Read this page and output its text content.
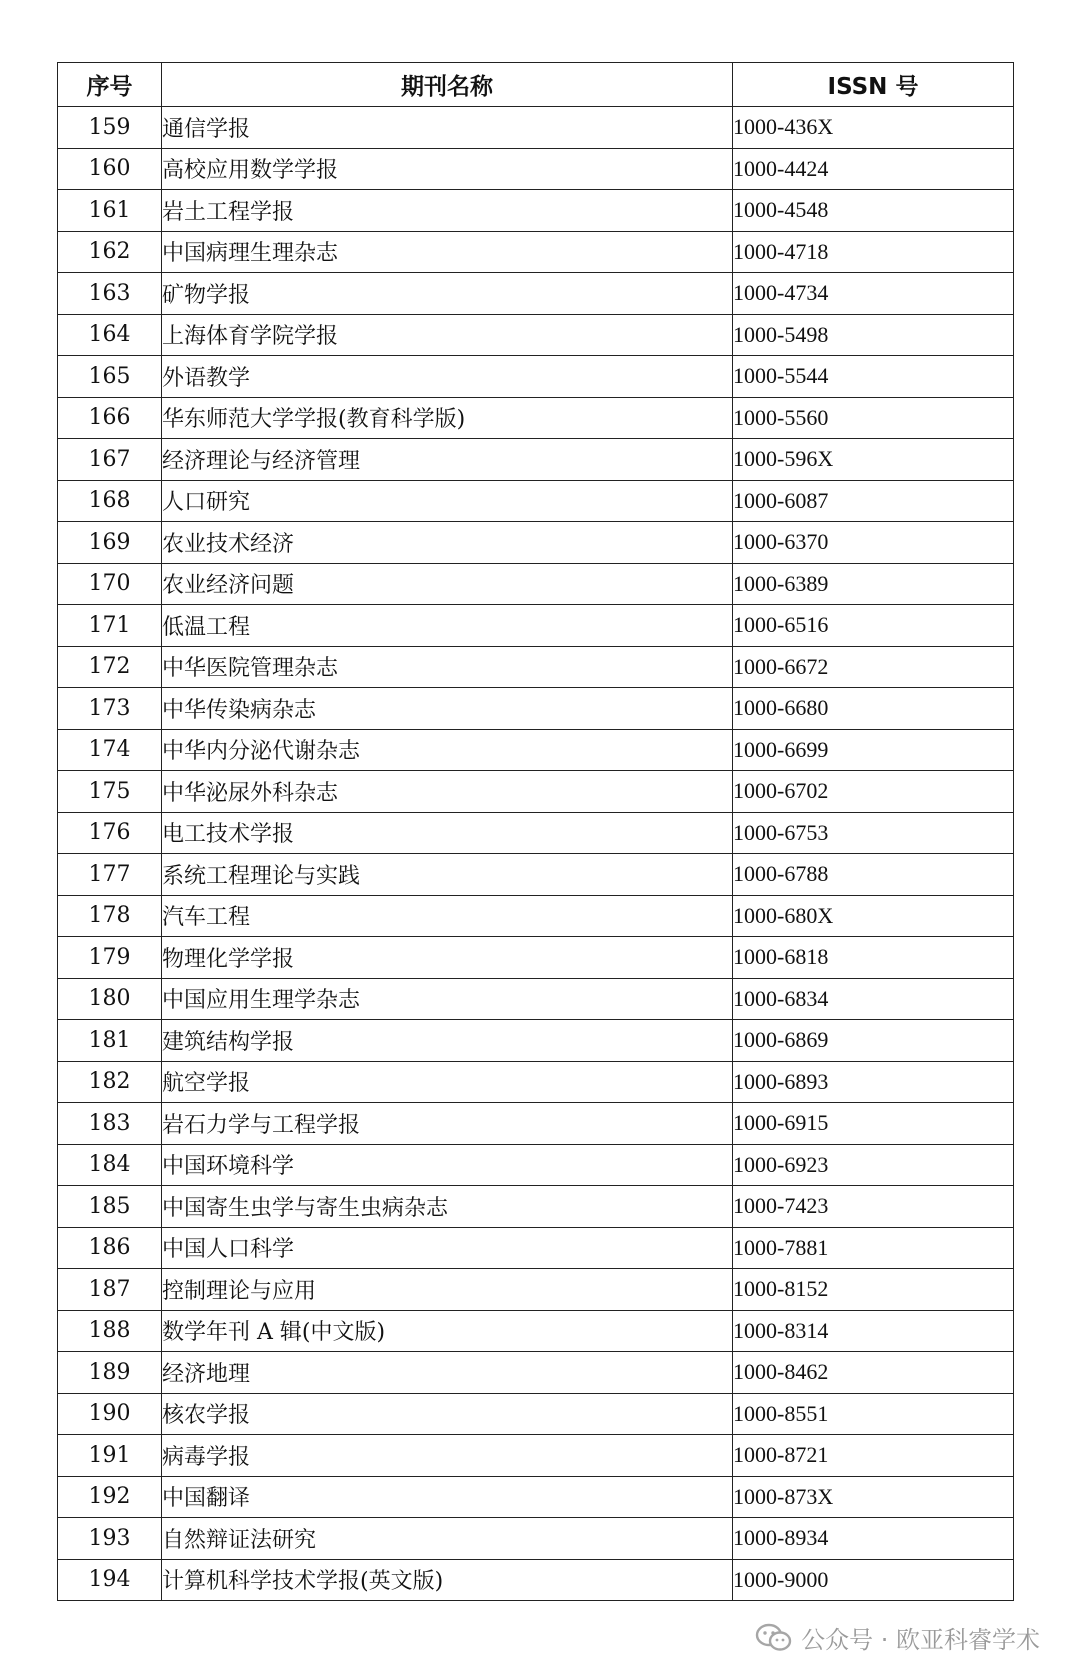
序号	期刊名称	ISSN 号
159	通信学报	1000-436X
160	高校应用数学学报	1000-4424
161	岩土工程学报	1000-4548
162	中国病理生理杂志	1000-4718
163	矿物学报	1000-4734
164	上海体育学院学报	1000-5498
165	外语教学	1000-5544
166	华东师范大学学报(教育科学版)	1000-5560
167	经济理论与经济管理	1000-596X
168	人口研究	1000-6087
169	农业技术经济	1000-6370
170	农业经济问题	1000-6389
171	低温工程	1000-6516
172	中华医院管理杂志	1000-6672
173	中华传染病杂志	1000-6680
174	中华内分泌代谢杂志	1000-6699
175	中华泌尿外科杂志	1000-6702
176	电工技术学报	1000-6753
177	系统工程理论与实践	1000-6788
178	汽车工程	1000-680X
179	物理化学学报	1000-6818
180	中国应用生理学杂志	1000-6834
181	建筑结构学报	1000-6869
182	航空学报	1000-6893
183	岩石力学与工程学报	1000-6915
184	中国环境科学	1000-6923
185	中国寄生虫学与寄生虫病杂志	1000-7423
186	中国人口科学	1000-7881
187	控制理论与应用	1000-8152
188	数学年刊 A 辑(中文版)	1000-8314
189	经济地理	1000-8462
190	核农学报	1000-8551
191	病毒学报	1000-8721
192	中国翻译	1000-873X
193	自然辩证法研究	1000-8934
194	计算机科学技术学报(英文版)	1000-9000
公众号 · 欧亚科睿学术
